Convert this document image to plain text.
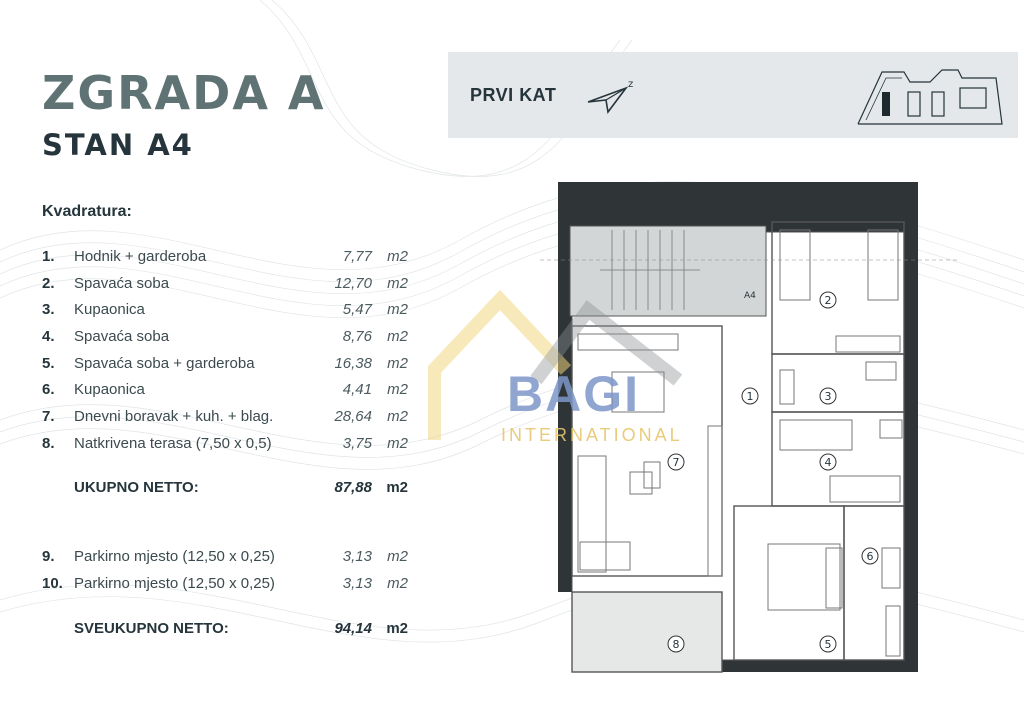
ZGRADA A
STAN A4
Kvadratura:
1. Hodnik + garderoba	7,77 m2
2. Spavaća soba	12,70 m2
3. Kupaonica	5,47 m2
4. Spavaća soba	8,76 m2
5. Spavaća soba + garderoba	16,38 m2
6. Kupaonica	4,41 m2
7. Dnevni boravak + kuh. + blag.	28,64 m2
8. Natkrivena terasa (7,50 x 0,5)	3,75 m2
UKUPNO NETTO:	87,88 m2
9. Parkirno mjesto (12,50 x 0,25)	3,13 m2
10. Parkirno mjesto (12,50 x 0,25)	3,13 m2
SVEUKUPNO NETTO:	94,14 m2
PRVI KAT
z
A4
1
2
3
4
5
6
7
8
BAGI
INTERNATIONAL
